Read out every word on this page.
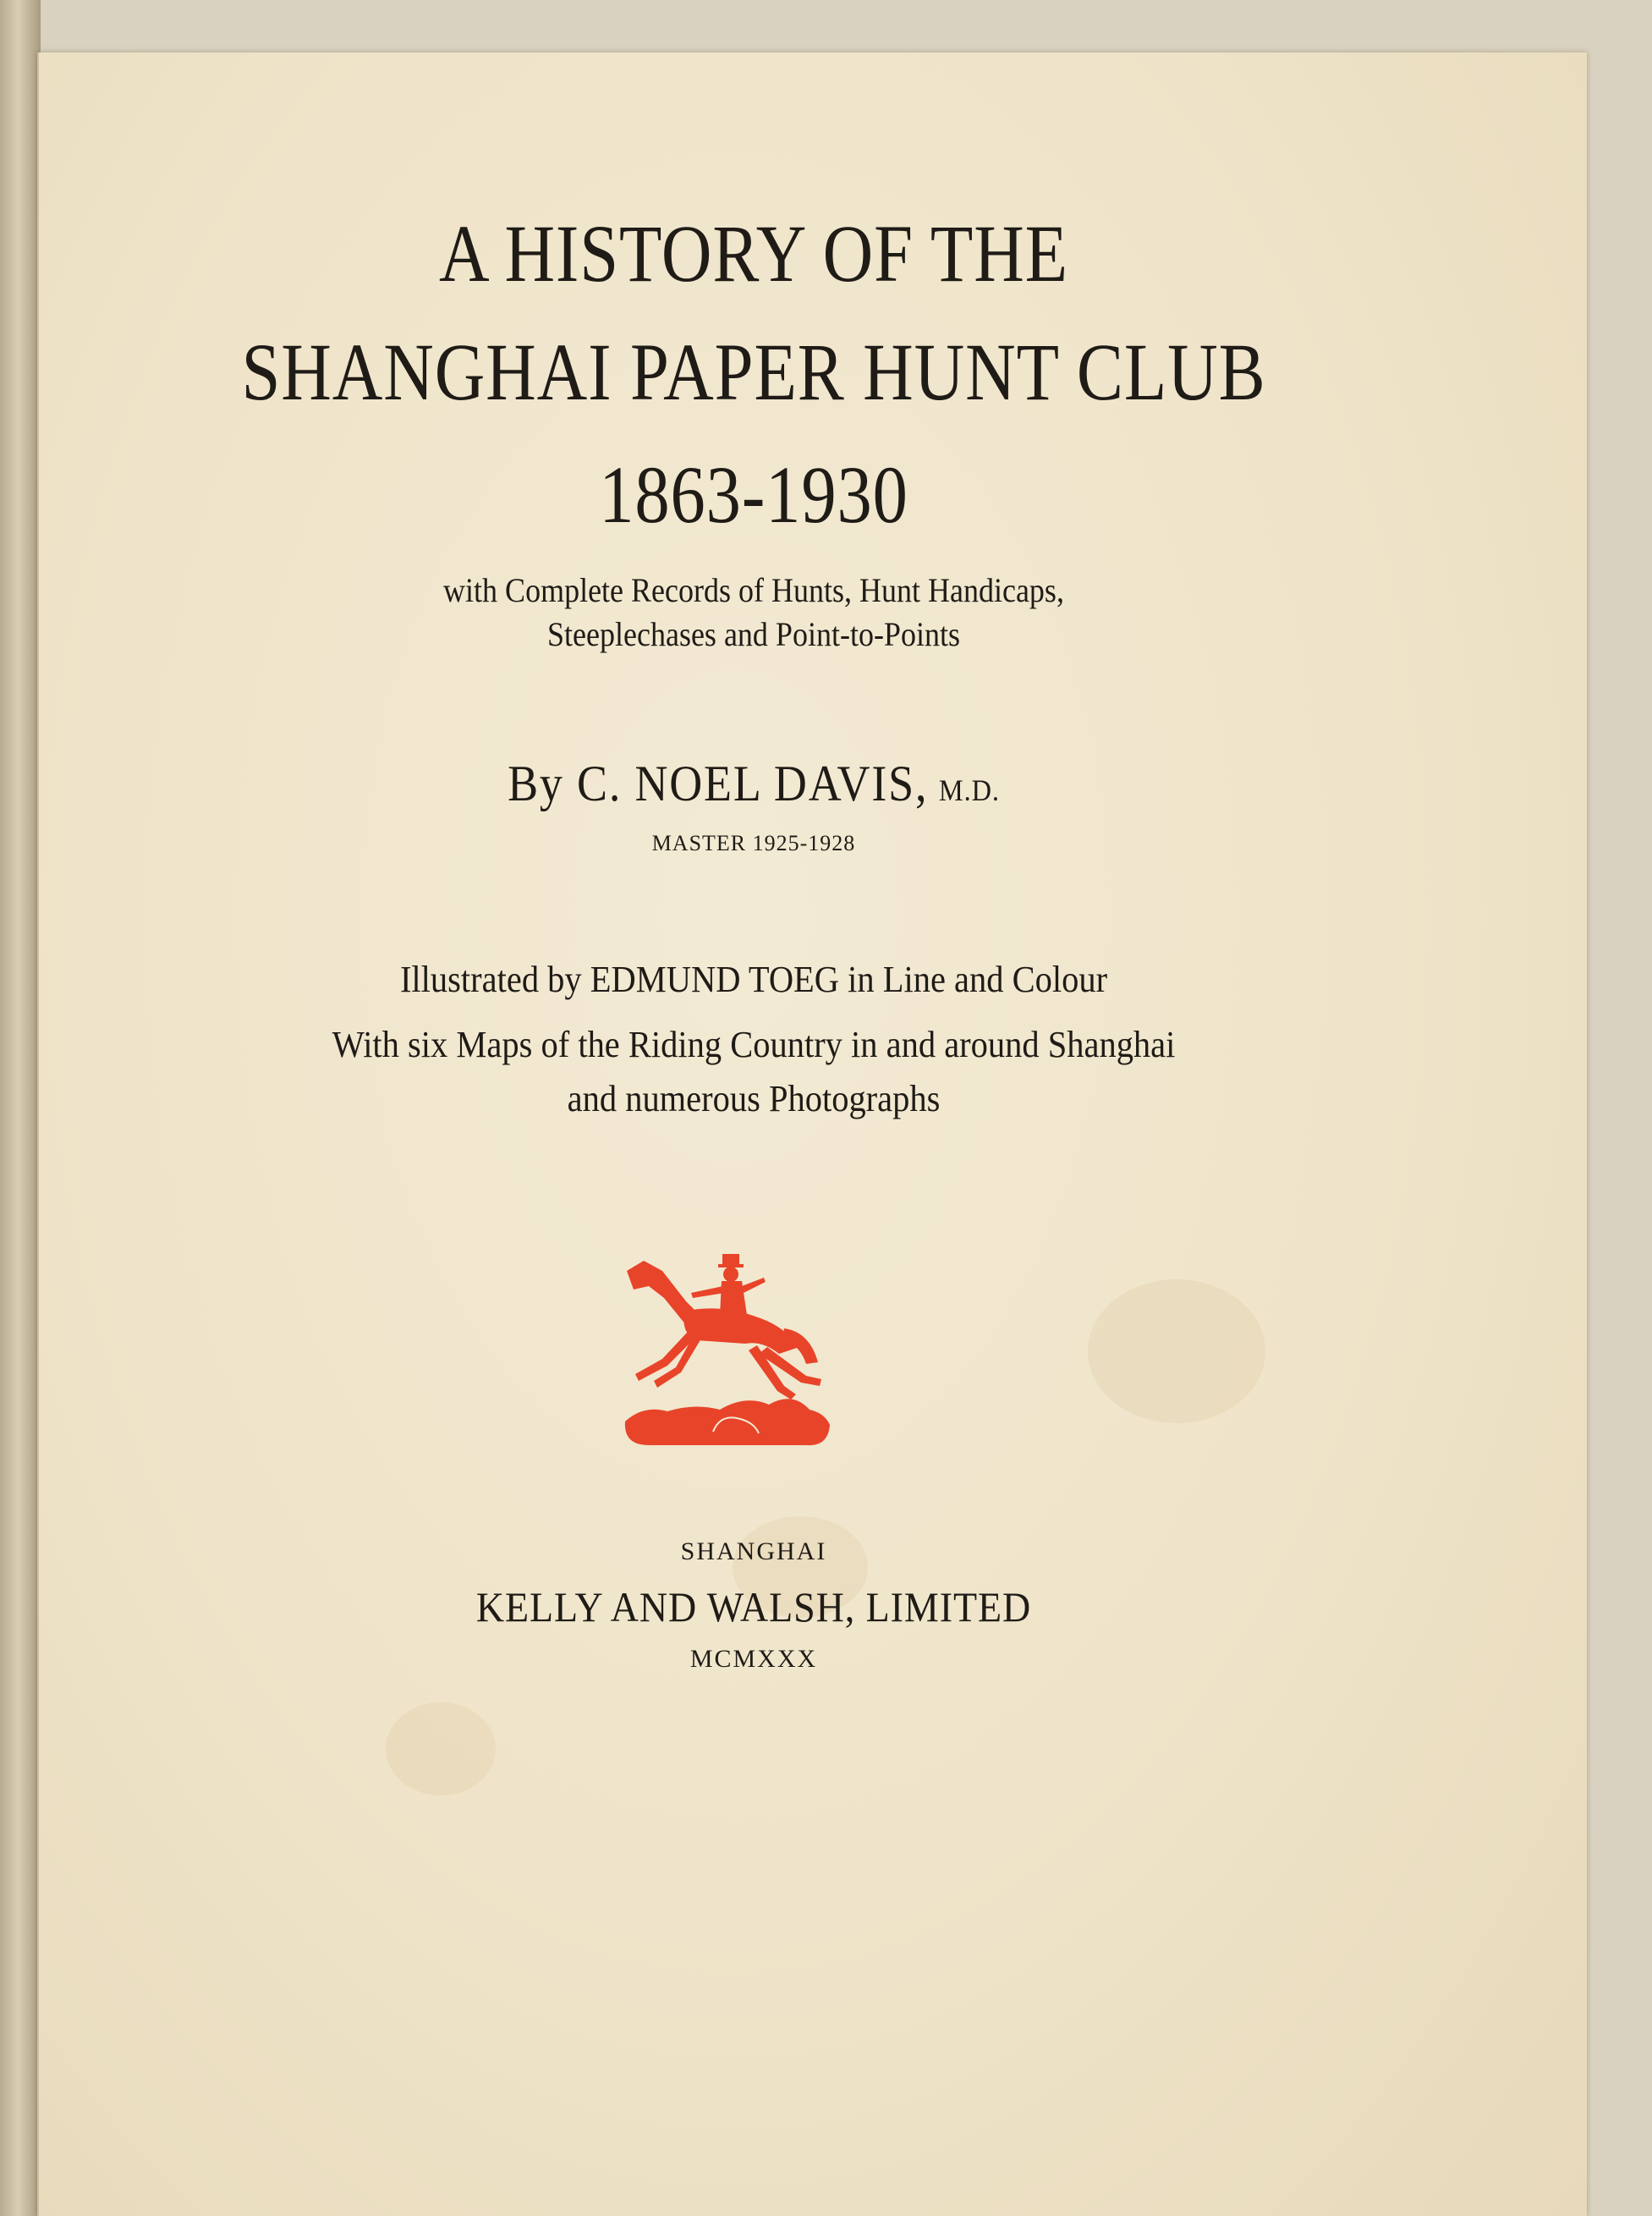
A HISTORY OF THE
SHANGHAI PAPER HUNT CLUB
1863-1930
with Complete Records of Hunts, Hunt Handicaps,
Steeplechases and Point-to-Points
By C. NOEL DAVIS, M.D.
MASTER 1925-1928
Illustrated by EDMUND TOEG in Line and Colour
With six Maps of the Riding Country in and around Shanghai
and numerous Photographs
SHANGHAI
KELLY AND WALSH, LIMITED
MCMXXX
